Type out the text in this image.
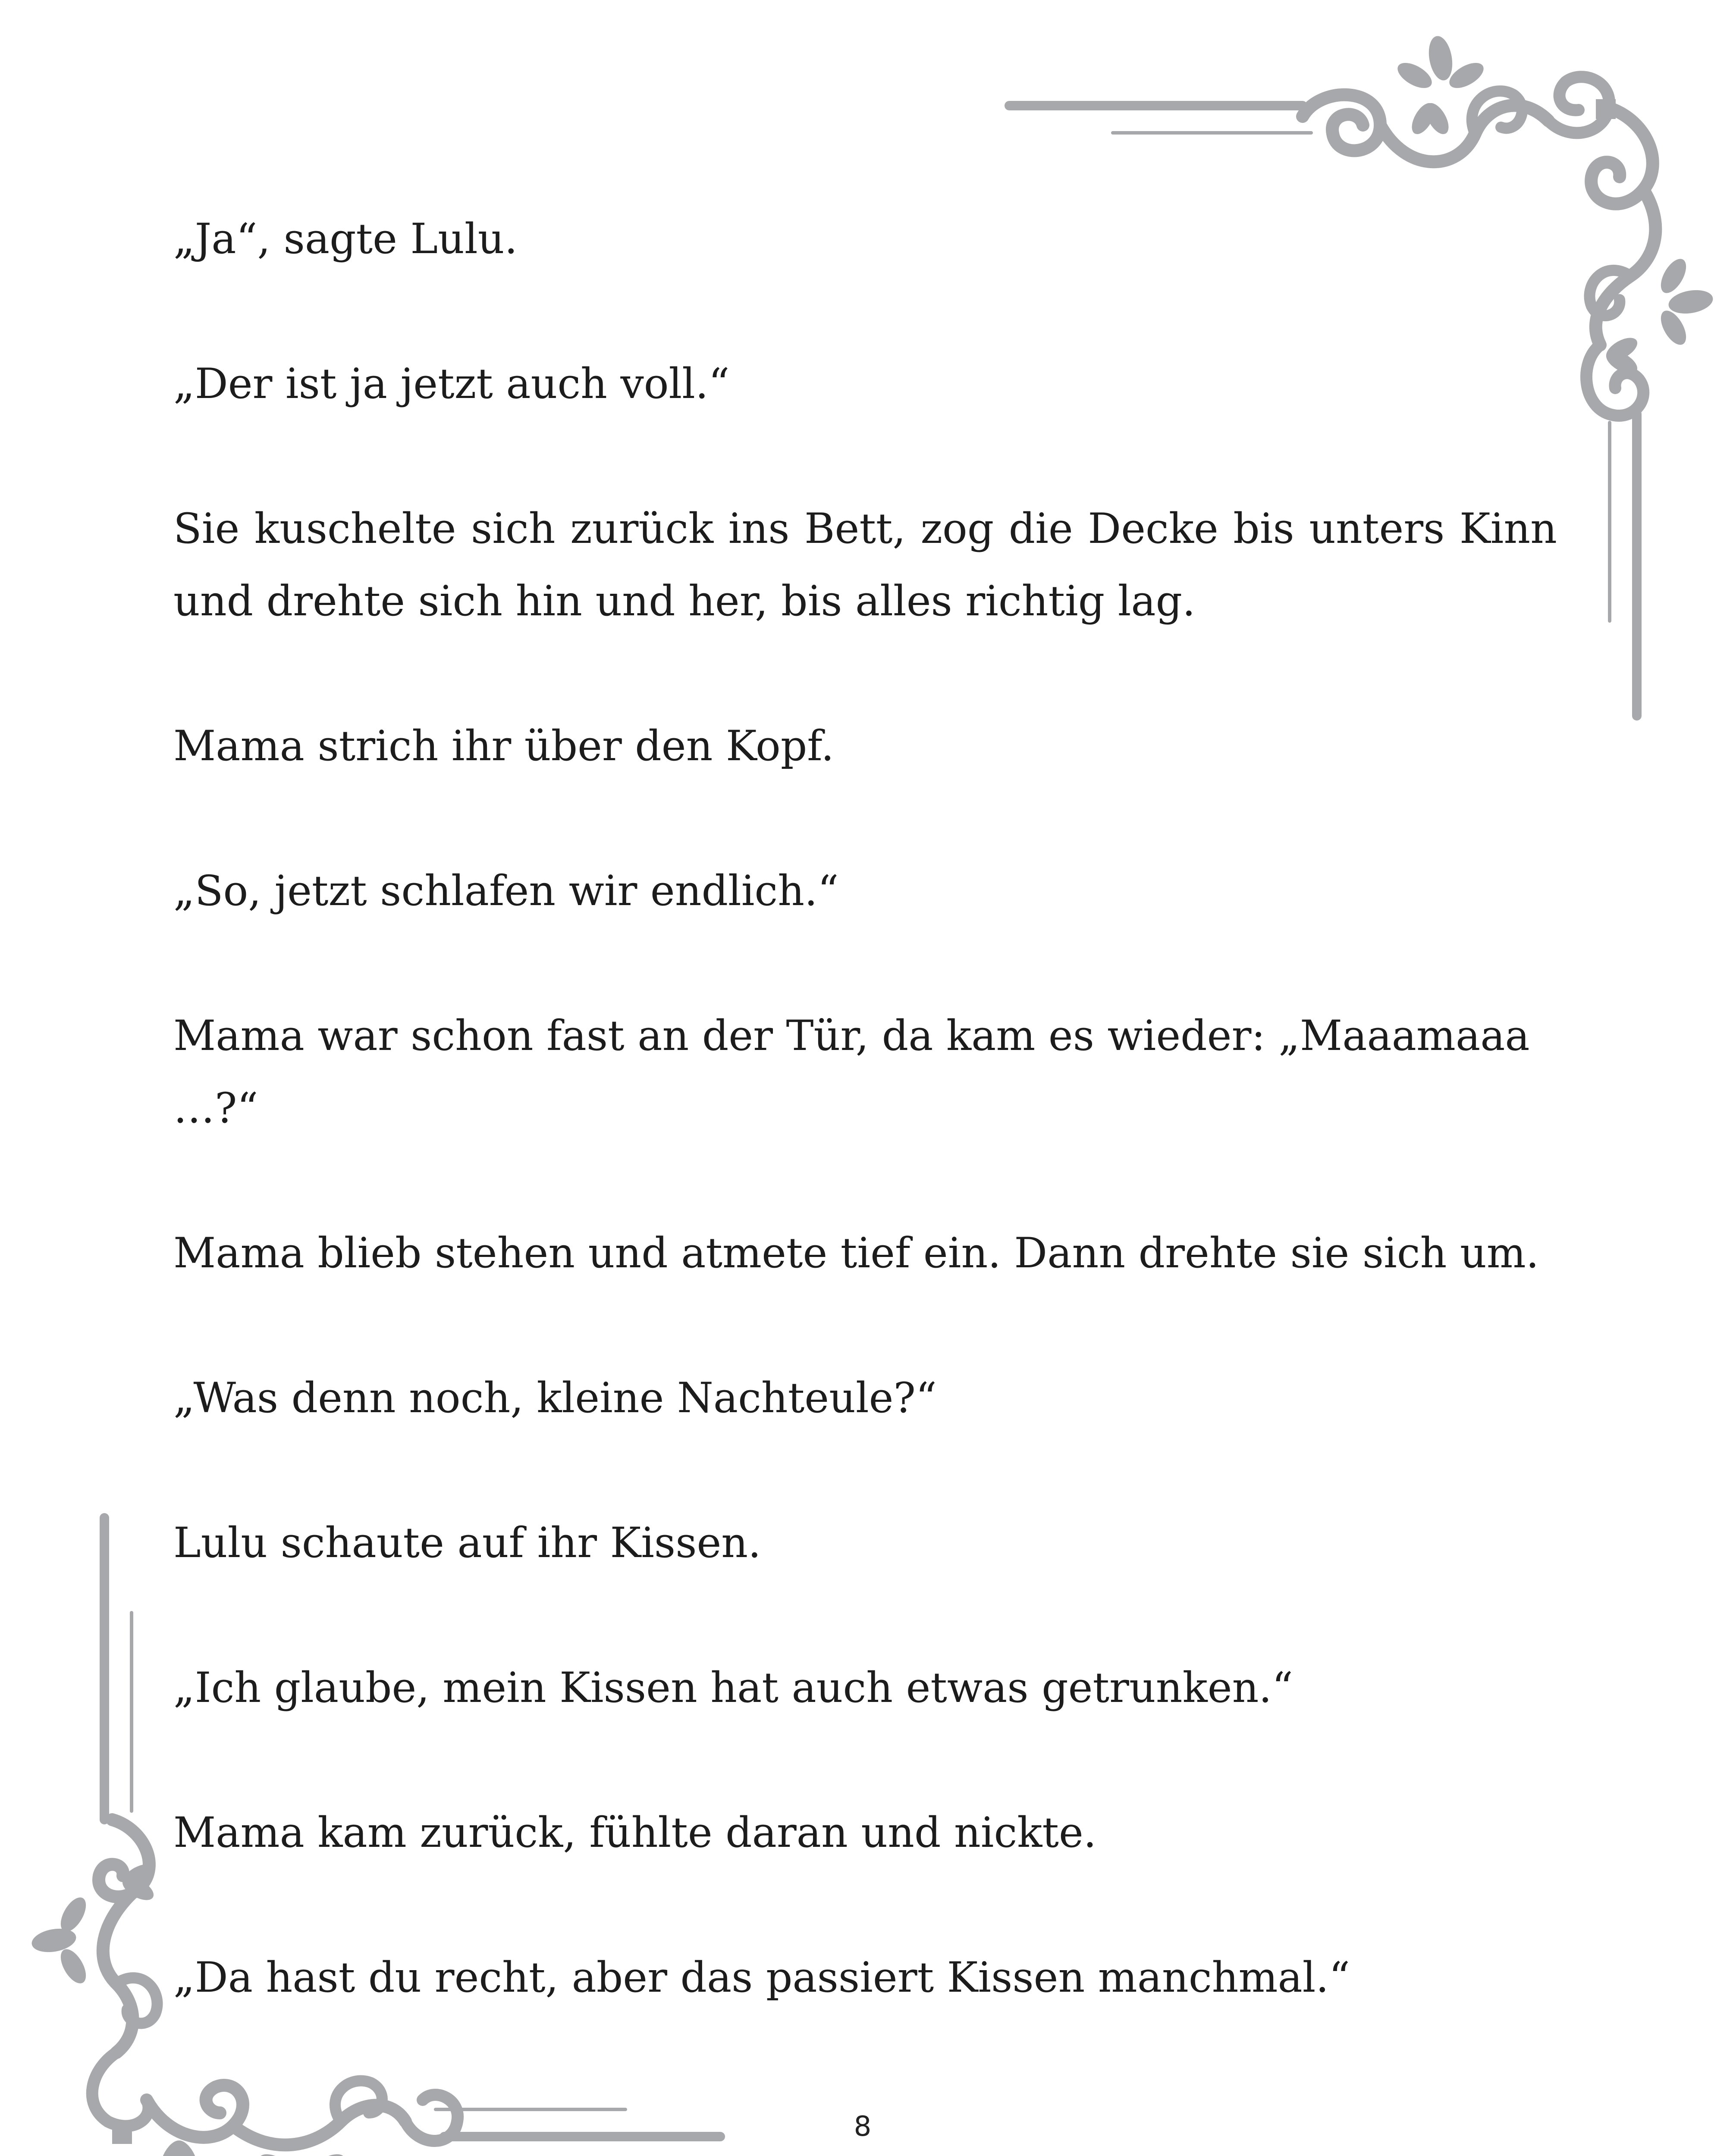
„Ja“, sagte Lulu.

„Der ist ja jetzt auch voll.“

Sie kuschelte sich zurück ins Bett, zog die Decke bis unters Kinn und drehte sich hin und her, bis alles richtig lag.

Mama strich ihr über den Kopf.

„So, jetzt schlafen wir endlich.“

Mama war schon fast an der Tür, da kam es wieder: „Maaamaaa …?“

Mama blieb stehen und atmete tief ein. Dann drehte sie sich um.

„Was denn noch, kleine Nachteule?“

Lulu schaute auf ihr Kissen.

„Ich glaube, mein Kissen hat auch etwas getrunken.“

Mama kam zurück, fühlte daran und nickte.

„Da hast du recht, aber das passiert Kissen manchmal.“

8
